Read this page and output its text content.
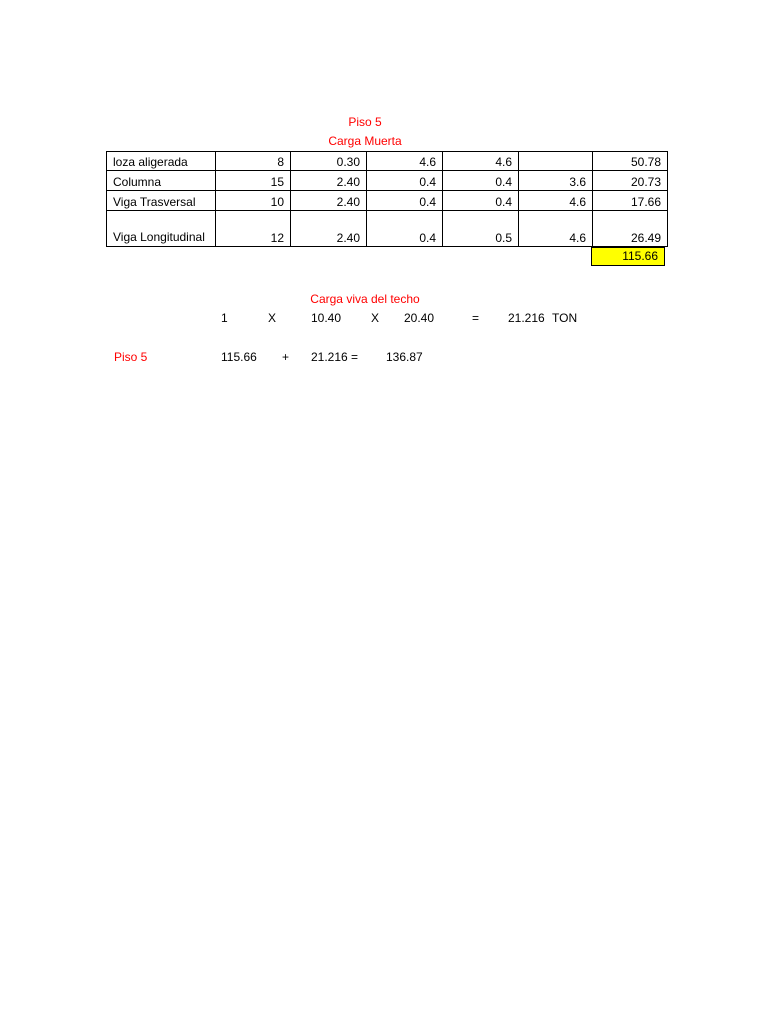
Piso 5
Carga Muerta
loza aligerada	8	0.30	4.6	4.6		50.78
Columna	15	2.40	0.4	0.4	3.6	20.73
Viga Trasversal	10	2.40	0.4	0.4	4.6	17.66
Viga Longitudinal	12	2.40	0.4	0.5	4.6	26.49
115.66
Carga viva del techo
1	X	10.40 X 20.40	= 21.216 TON
Piso 5	115.66 + 21.216 = 136.87
